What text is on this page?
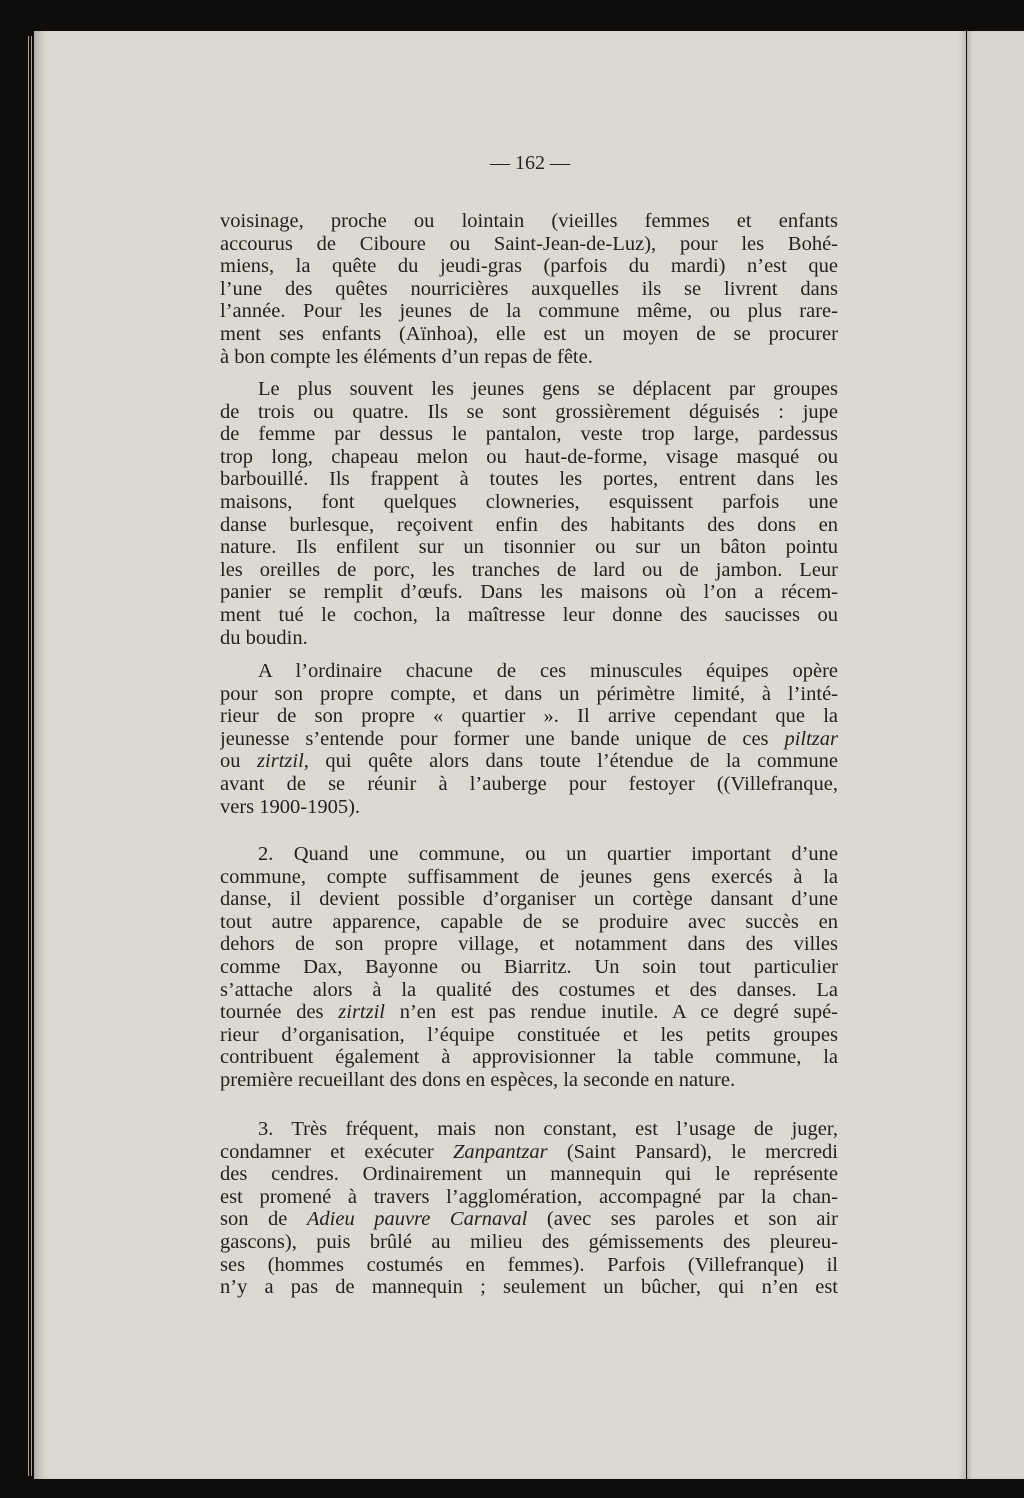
— 162 —
voisinage, proche ou lointain (vieilles femmes et enfants
accourus de Ciboure ou Saint-Jean-de-Luz), pour les Bohé-
miens, la quête du jeudi-gras (parfois du mardi) n’est que
l’une des quêtes nourricières auxquelles ils se livrent dans
l’année. Pour les jeunes de la commune même, ou plus rare-
ment ses enfants (Aïnhoa), elle est un moyen de se procurer
à bon compte les éléments d’un repas de fête.
Le plus souvent les jeunes gens se déplacent par groupes
de trois ou quatre. Ils se sont grossièrement déguisés : jupe
de femme par dessus le pantalon, veste trop large, pardessus
trop long, chapeau melon ou haut-de-forme, visage masqué ou
barbouillé. Ils frappent à toutes les portes, entrent dans les
maisons, font quelques clowneries, esquissent parfois une
danse burlesque, reçoivent enfin des habitants des dons en
nature. Ils enfilent sur un tisonnier ou sur un bâton pointu
les oreilles de porc, les tranches de lard ou de jambon. Leur
panier se remplit d’œufs. Dans les maisons où l’on a récem-
ment tué le cochon, la maîtresse leur donne des saucisses ou
du boudin.
A l’ordinaire chacune de ces minuscules équipes opère
pour son propre compte, et dans un périmètre limité, à l’inté-
rieur de son propre « quartier ». Il arrive cependant que la
jeunesse s’entende pour former une bande unique de ces piltzar
ou zirtzil, qui quête alors dans toute l’étendue de la commune
avant de se réunir à l’auberge pour festoyer ((Villefranque,
vers 1900-1905).
2. Quand une commune, ou un quartier important d’une
commune, compte suffisamment de jeunes gens exercés à la
danse, il devient possible d’organiser un cortège dansant d’une
tout autre apparence, capable de se produire avec succès en
dehors de son propre village, et notamment dans des villes
comme Dax, Bayonne ou Biarritz. Un soin tout particulier
s’attache alors à la qualité des costumes et des danses. La
tournée des zirtzil n’en est pas rendue inutile. A ce degré supé-
rieur d’organisation, l’équipe constituée et les petits groupes
contribuent également à approvisionner la table commune, la
première recueillant des dons en espèces, la seconde en nature.
3. Très fréquent, mais non constant, est l’usage de juger,
condamner et exécuter Zanpantzar (Saint Pansard), le mercredi
des cendres. Ordinairement un mannequin qui le représente
est promené à travers l’agglomération, accompagné par la chan-
son de Adieu pauvre Carnaval (avec ses paroles et son air
gascons), puis brûlé au milieu des gémissements des pleureu-
ses (hommes costumés en femmes). Parfois (Villefranque) il
n’y a pas de mannequin ; seulement un bûcher, qui n’en est
